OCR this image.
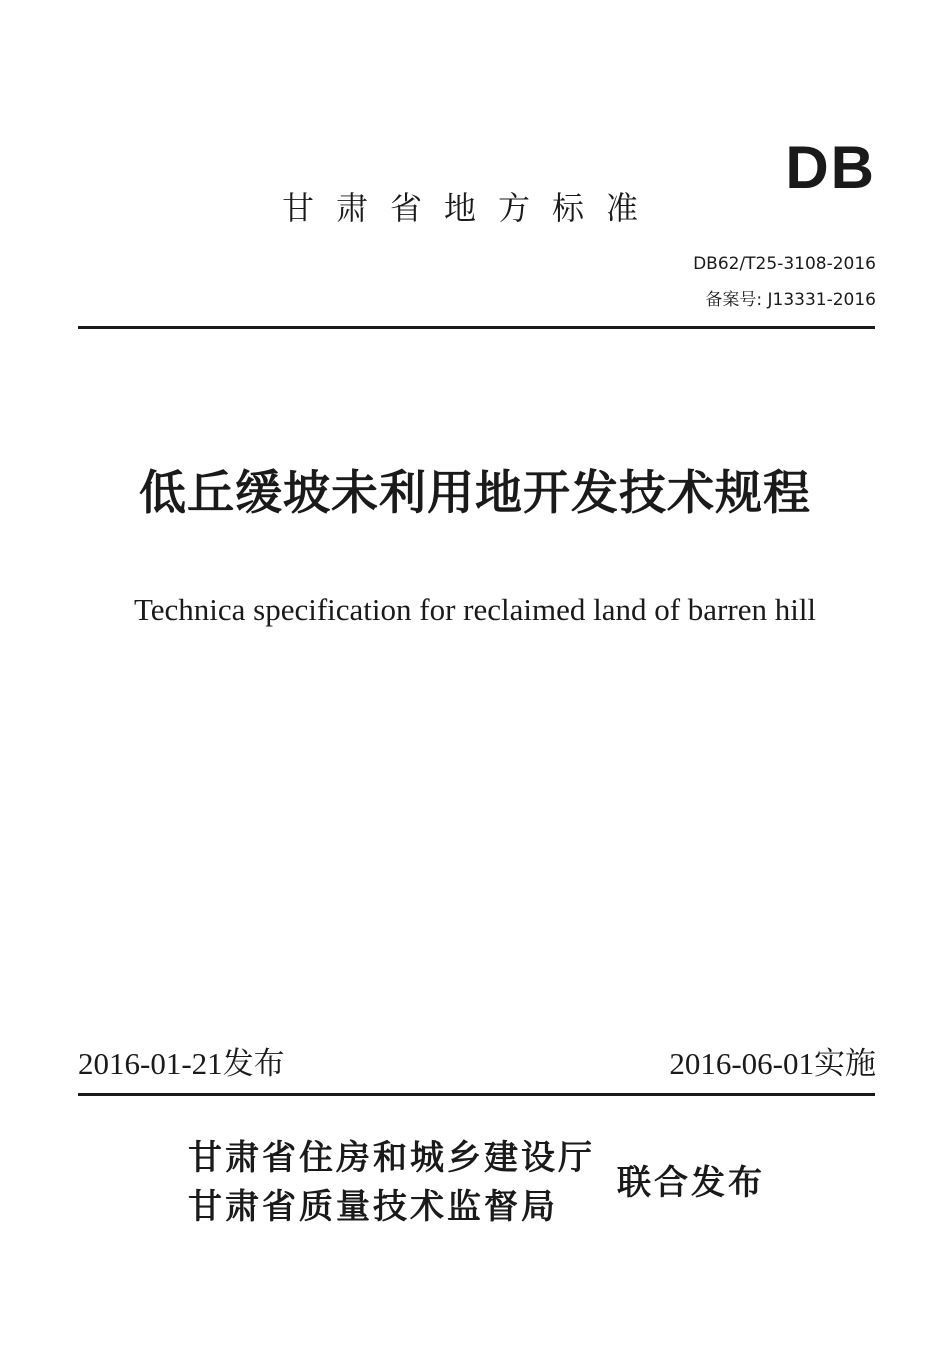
DB
甘肃省地方标准
DB62/T25-3108-2016
备案号: J13331-2016
低丘缓坡未利用地开发技术规程
Technica specification for reclaimed land of barren hill
2016-01-21发布	2016-06-01实施
甘肃省住房和城乡建设厅
甘肃省质量技术监督局
联合发布
